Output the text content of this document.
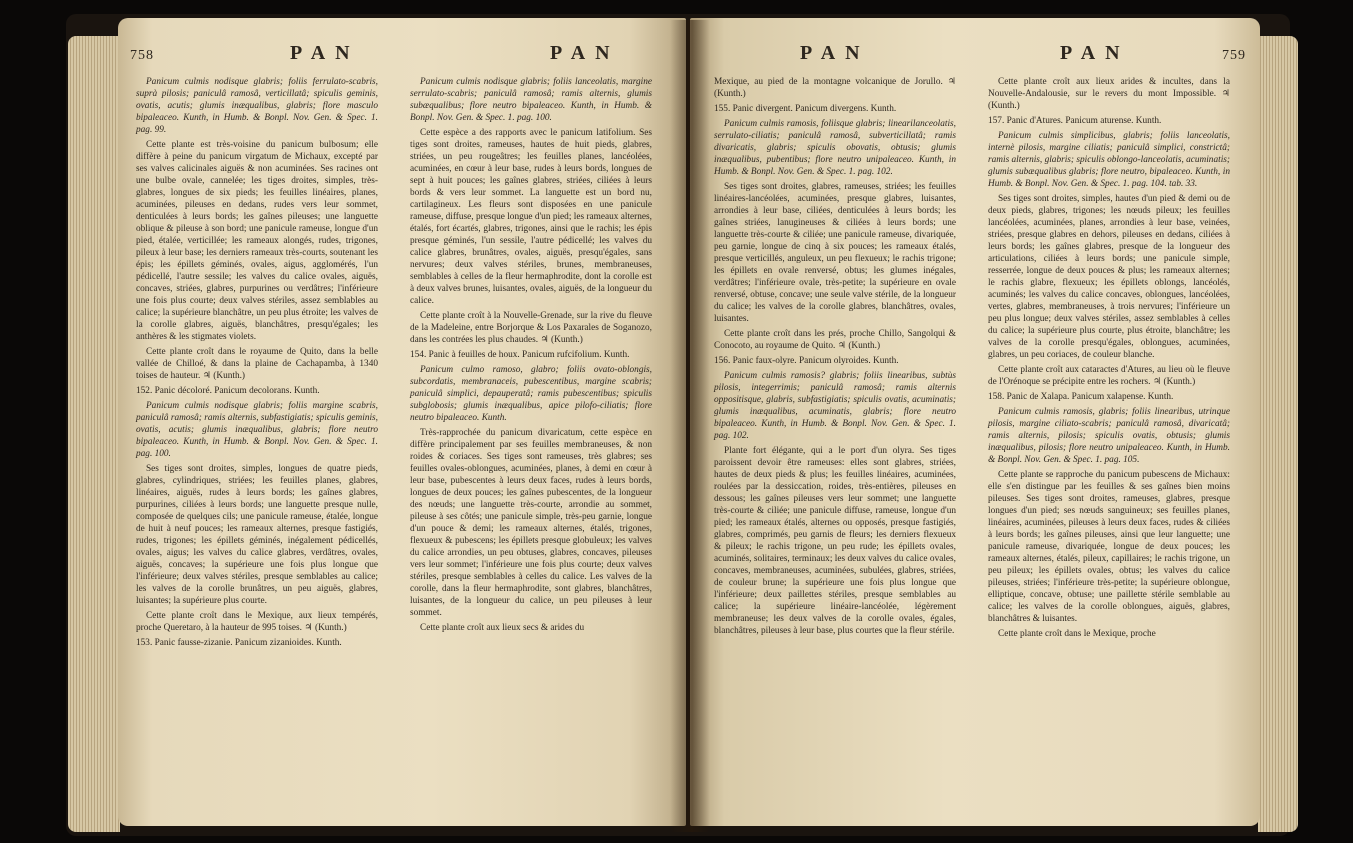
758	PAN	PAN

Panicum culmis nodisque glabris; foliis ferrulato-scabris, suprà pilosis; paniculâ ramosâ, verticillatâ; spiculis geminis, ovatis, acutis; glumis inæqualibus, glabris; flore masculo bipaleaceo. Kunth, in Humb. & Bonpl. Nov. Gen. & Spec. 1. pag. 99.

Cette plante est très-voisine du panicum bulbosum; elle diffère à peine du panicum virgatum de Michaux, excepté par ses valves calicinales aiguës & non acuminées. Ses racines ont une bulbe ovale, cannelée; les tiges droites, simples, très-glabres, longues de six pieds; les feuilles linéaires, planes, acuminées, pileuses en dedans, rudes vers leur sommet, denticulées à leurs bords; les gaînes pileuses; une languette oblique & pileuse à son bord; une panicule rameuse, longue d'un pied, étalée, verticillée; les rameaux alongés, rudes, trigones, pileux à leur base; les derniers rameaux très-courts, soutenant les épis; les épillets géminés, ovales, aigus, agglomérés, l'un pédicellé, l'autre sessile; les valves du calice ovales, aiguës, concaves, striées, glabres, purpurines ou verdâtres; l'inférieure une fois plus courte; deux valves stériles, assez semblables au calice; la supérieure blanchâtre, un peu plus étroite; les valves de la corolle glabres, aiguës, blanchâtres, presqu'égales; les anthères & les stigmates violets.

Cette plante croît dans le royaume de Quito, dans la belle vallée de Chilloé, & dans la plaine de Cachapamba, à 1340 toises de hauteur. ♃ (Kunth.)

152. Panic décoloré. Panicum decolorans. Kunth.

Panicum culmis nodisque glabris; foliis margine scabris, paniculâ ramosâ; ramis alternis, subfastigiatis; spiculis geminis, ovatis, acutis; glumis inæqualibus, glabris; flore neutro bipaleaceo. Kunth, in Humb. & Bonpl. Nov. Gen. & Spec. 1. pag. 100.

Ses tiges sont droites, simples, longues de quatre pieds, glabres, cylindriques, striées; les feuilles planes, glabres, linéaires, aiguës, rudes à leurs bords; les gaînes glabres, purpurines, ciliées à leurs bords; une languette presque nulle, composée de quelques cils; une panicule rameuse, étalée, longue de huit à neuf pouces; les rameaux alternes, presque fastigiés, rudes, trigones; les épillets géminés, inégalement pédicellés, ovales, aigus; les valves du calice glabres, verdâtres, ovales, aiguës, concaves; la supérieure une fois plus longue que l'inférieure; deux valves stériles, presque semblables au calice; les valves de la corolle brunâtres, un peu aiguës, glabres, luisantes; la supérieure plus courte.

Cette plante croît dans le Mexique, aux lieux tempérés, proche Queretaro, à la hauteur de 995 toises. ♃ (Kunth.)

153. Panic fausse-zizanie. Panicum zizanioides. Kunth.

Panicum culmis nodisque glabris; foliis lanceolatis, margine serrulato-scabris; paniculâ ramosâ; ramis alternis, glumis subæqualibus; flore neutro bipaleaceo. Kunth, in Humb. & Bonpl. Nov. Gen. & Spec. 1. pag. 100.

Cette espèce a des rapports avec le panicum latifolium. Ses tiges sont droites, rameuses, hautes de huit pieds, glabres, striées, un peu rougeâtres; les feuilles planes, lancéolées, acuminées, en cœur à leur base, rudes à leurs bords, longues de sept à huit pouces; les gaînes glabres, striées, ciliées à leurs bords & vers leur sommet. La languette est un bord nu, cartilagineux. Les fleurs sont disposées en une panicule rameuse, diffuse, presque longue d'un pied; les rameaux alternes, étalés, fort écartés, glabres, trigones, ainsi que le rachis; les épis presque géminés, l'un sessile, l'autre pédicellé; les valves du calice glabres, brunâtres, ovales, aiguës, presqu'égales, sans nervures; deux valves stériles, brunes, membraneuses, semblables à celles de la fleur hermaphrodite, dont la corolle est à deux valves brunes, luisantes, ovales, aiguës, de la longueur du calice.

Cette plante croît à la Nouvelle-Grenade, sur la rive du fleuve de la Madeleine, entre Borjorque & Los Paxarales de Soganozo, dans les contrées les plus chaudes. ♃ (Kunth.)

154. Panic à feuilles de houx. Panicum rufcifolium. Kunth.

Panicum culmo ramoso, glabro; foliis ovato-oblongis, subcordatis, membranaceis, pubescentibus, margine scabris; paniculâ simplici, depauperatâ; ramis pubescentibus; spiculis subglobosis; glumis inæqualibus, apice pilofo-ciliatis; flore neutro bipaleaceo. Kunth.

Très-rapprochée du panicum divaricatum, cette espèce en diffère principalement par ses feuilles membraneuses, & non roides & coriaces. Ses tiges sont rameuses, très glabres; ses feuilles ovales-oblongues, acuminées, planes, à demi en cœur à leur base, pubescentes à leurs deux faces, rudes à leurs bords, longues de deux pouces; les gaînes pubescentes, de la longueur des nœuds; une languette très-courte, arrondie au sommet, pileuse à ses côtés; une panicule simple, très-peu garnie, longue d'un pouce & demi; les rameaux alternes, étalés, trigones, flexueux & pubescens; les épillets presque globuleux; les valves du calice arrondies, un peu obtuses, glabres, concaves, pileuses vers leur sommet; l'inférieure une fois plus courte; deux valves stériles, presque semblables à celles du calice. Les valves de la corolle, dans la fleur hermaphrodite, sont glabres, blanchâtres, luisantes, de la longueur du calice, un peu pileuses à leur sommet.

Cette plante croît aux lieux secs & arides du

PAN	PAN	759

Mexique, au pied de la montagne volcanique de Jorullo. ♃ (Kunth.)

155. Panic divergent. Panicum divergens. Kunth.

Panicum culmis ramosis, foliisque glabris; linearilanceolatis, serrulato-ciliatis; paniculâ ramosâ, subverticillatâ; ramis divaricatis, glabris; spiculis obovatis, obtusis; glumis inæqualibus, pubentibus; flore neutro unipaleaceo. Kunth, in Humb. & Bonpl. Nov. Gen. & Spec. 1. pag. 102.

Ses tiges sont droites, glabres, rameuses, striées; les feuilles linéaires-lancéolées, acuminées, presque glabres, luisantes, arrondies à leur base, ciliées, denticulées à leurs bords; les gaînes striées, lanugineuses & ciliées à leurs bords; une languette très-courte & ciliée; une panicule rameuse, divariquée, peu garnie, longue de cinq à six pouces; les rameaux étalés, presque verticillés, anguleux, un peu flexueux; le rachis trigone; les épillets en ovale renversé, obtus; les glumes inégales, verdâtres; l'inférieure ovale, très-petite; la supérieure en ovale renversé, obtuse, concave; une seule valve stérile, de la longueur du calice; les valves de la corolle glabres, blanchâtres, ovales, luisantes.

Cette plante croît dans les prés, proche Chillo, Sangolqui & Conocoto, au royaume de Quito. ♃ (Kunth.)

156. Panic faux-olyre. Panicum olyroides. Kunth.

Panicum culmis ramosis? glabris; foliis linearibus, subtùs pilosis, integerrimis; paniculâ ramosâ; ramis alternis oppositisque, glabris, subfastigiatis; spiculis ovatis, acuminatis; glumis inæqualibus, acuminatis, glabris; flore neutro bipaleaceo. Kunth, in Humb. & Bonpl. Nov. Gen. & Spec. 1. pag. 102.

Plante fort élégante, qui a le port d'un olyra. Ses tiges paroissent devoir être rameuses: elles sont glabres, striées, hautes de deux pieds & plus; les feuilles linéaires, acuminées, roulées par la dessiccation, roides, très-entières, pileuses en dessous; les gaînes pileuses vers leur sommet; une languette très-courte & ciliée; une panicule diffuse, rameuse, longue d'un pied; les rameaux étalés, alternes ou opposés, presque fastigiés, glabres, comprimés, peu garnis de fleurs; les derniers flexueux & pileux; le rachis trigone, un peu rude; les épillets ovales, acuminés, solitaires, terminaux; les deux valves du calice ovales, concaves, membraneuses, acuminées, subulées, glabres, striées, de couleur brune; la supérieure une fois plus longue que l'inférieure; deux paillettes stériles, presque semblables au calice; la supérieure linéaire-lancéolée, légèrement membraneuse; les deux valves de la corolle ovales, égales, blanchâtres, pileuses à leur base, plus courtes que la fleur stérile.

Cette plante croît aux lieux arides & incultes, dans la Nouvelle-Andalousie, sur le revers du mont Impossible. ♃ (Kunth.)

157. Panic d'Atures. Panicum aturense. Kunth.

Panicum culmis simplicibus, glabris; foliis lanceolatis, internè pilosis, margine ciliatis; paniculâ simplici, constrictâ; ramis alternis, glabris; spiculis oblongo-lanceolatis, acuminatis; glumis subæqualibus glabris; flore neutro, bipaleaceo. Kunth, in Humb. & Bonpl. Nov. Gen. & Spec. 1. pag. 104. tab. 33.

Ses tiges sont droites, simples, hautes d'un pied & demi ou de deux pieds, glabres, trigones; les nœuds pileux; les feuilles lancéolées, acuminées, planes, arrondies à leur base, veinées, striées, presque glabres en dehors, pileuses en dedans, ciliées à leurs bords; les gaînes glabres, presque de la longueur des articulations, ciliées à leurs bords; une panicule simple, resserrée, longue de deux pouces & plus; les rameaux alternes; le rachis glabre, flexueux; les épillets oblongs, lancéolés, acuminés; les valves du calice concaves, oblongues, lancéolées, vertes, glabres, membraneuses, à trois nervures; l'inférieure un peu plus longue; deux valves stériles, assez semblables à celles du calice; la supérieure plus courte, plus étroite, blanchâtre; les valves de la corolle presqu'égales, oblongues, acuminées, glabres, un peu coriaces, de couleur blanche.

Cette plante croît aux cataractes d'Atures, au lieu où le fleuve de l'Orénoque se précipite entre les rochers. ♃ (Kunth.)

158. Panic de Xalapa. Panicum xalapense. Kunth.

Panicum culmis ramosis, glabris; foliis linearibus, utrinque pilosis, margine ciliato-scabris; paniculâ ramosâ, divaricatâ; ramis alternis, pilosis; spiculis ovatis, obtusis; glumis inæqualibus, pilosis; flore neutro unipaleaceo. Kunth, in Humb. & Bonpl. Nov. Gen. & Spec. 1. pag. 105.

Cette plante se rapproche du panicum pubescens de Michaux: elle s'en distingue par les feuilles & ses gaînes bien moins pileuses. Ses tiges sont droites, rameuses, glabres, presque longues d'un pied; ses nœuds sanguineux; ses feuilles planes, linéaires, acuminées, pileuses à leurs deux faces, rudes & ciliées à leurs bords; les gaînes pileuses, ainsi que leur languette; une panicule rameuse, divariquée, longue de deux pouces; les rameaux alternes, étalés, pileux, capillaires; le rachis trigone, un peu pileux; les épillets ovales, obtus; les valves du calice pileuses, striées; l'inférieure très-petite; la supérieure oblongue, elliptique, concave, obtuse; une paillette stérile semblable au calice; les valves de la corolle oblongues, aiguës, glabres, blanchâtres & luisantes.

Cette plante croît dans le Mexique, proche
